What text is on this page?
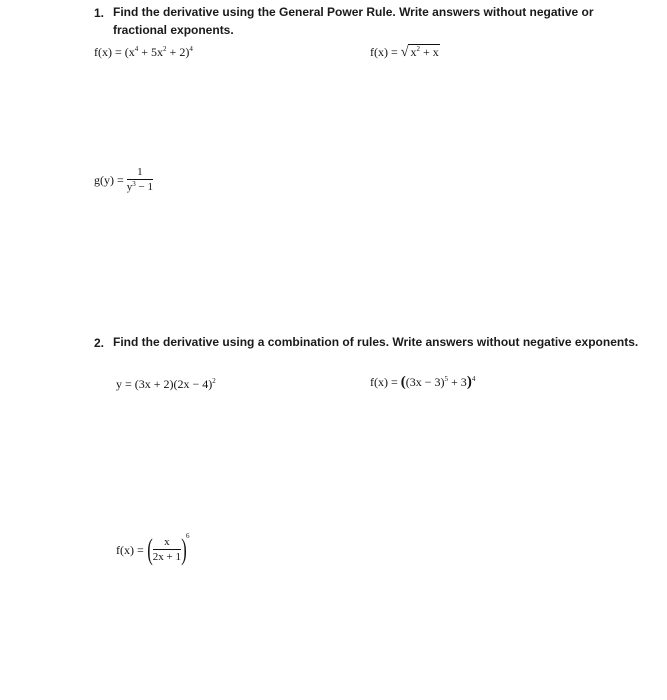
1. Find the derivative using the General Power Rule. Write answers without negative or
fractional exponents.
$f(x) = (x^4 + 5x^2 + 2)^4$	f(x) = √ $x^2 + x$
$g(y) = \frac{1}{y^3 - 1}$
2. Find the derivative using a combination of rules. Write answers without negative exponents.
$y = (3x + 2)(2x - 4)^2$	$f(x) = ((3x - 3)^5 + 3)^4$
f(x) = ( $\frac{x}{2x + 1}$ ) 6
